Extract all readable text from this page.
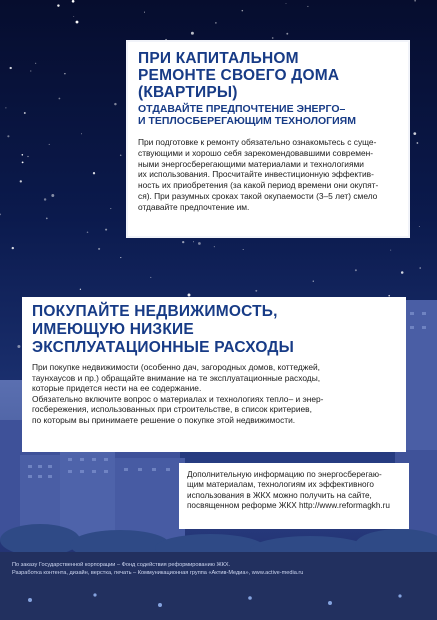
ПРИ КАПИТАЛЬНОМ
РЕМОНТЕ СВОЕГО ДОМА
(КВАРТИРЫ)
ОТДАВАЙТЕ ПРЕДПОЧТЕНИЕ ЭНЕРГО–
И ТЕПЛОСБЕРЕГАЮЩИМ ТЕХНОЛОГИЯМ
При подготовке к ремонту обязательно ознакомьтесь с суще-
ствующими и хорошо себя зарекомендовавшими современ-
ными энергосберегающими материалами и технологиями
их использования. Просчитайте инвестиционную эффектив-
ность их приобретения (за какой период времени они окупят-
ся). При разумных сроках такой окупаемости (3–5 лет) смело
отдавайте предпочтение им.
ПОКУПАЙТЕ НЕДВИЖИМОСТЬ,
ИМЕЮЩУЮ НИЗКИЕ
ЭКСПЛУАТАЦИОННЫЕ РАСХОДЫ
При покупке недвижимости (особенно дач, загородных домов, коттеджей,
таунхаусов и пр.) обращайте внимание на те эксплуатационные расходы,
которые придется нести на ее содержание.
Обязательно включите вопрос о материалах и технологиях тепло– и энер-
госбережения, использованных при строительстве, в список критериев,
по которым вы принимаете решение о покупке этой недвижимости.
Дополнительную информацию по энергосберегаю-
щим материалам, технологиям их эффективного
использования в ЖКХ можно получить на сайте,
посвященном реформе ЖКХ http://www.reformagkh.ru
По заказу Государственной корпорации – Фонд содействия реформированию ЖКХ.
Разработка контента, дизайн, верстка, печать – Коммуникационная группа «Актив-Медиа», www.active-media.ru
